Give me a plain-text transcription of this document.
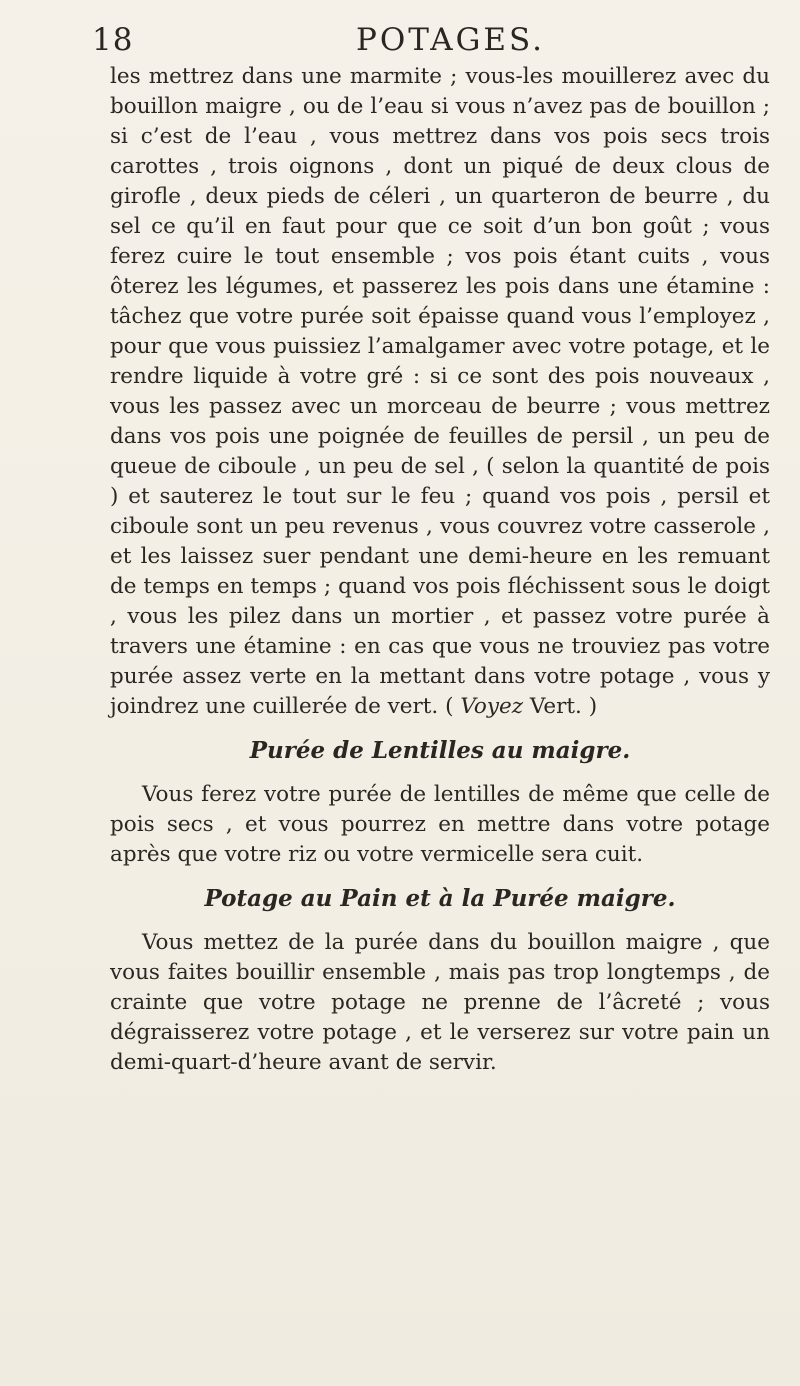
18	POTAGES.

les mettrez dans une marmite ; vous-les mouillerez avec du bouillon maigre , ou de l’eau si vous n’avez pas de bouillon ; si c’est de l’eau , vous mettrez dans vos pois secs trois carottes , trois oignons , dont un piqué de deux clous de girofle , deux pieds de céleri , un quarteron de beurre , du sel ce qu’il en faut pour que ce soit d’un bon goût ; vous ferez cuire le tout ensemble ; vos pois étant cuits , vous ôterez les légumes, et passerez les pois dans une étamine : tâchez que votre purée soit épaisse quand vous l’employez , pour que vous puissiez l’amalgamer avec votre potage, et le rendre liquide à votre gré : si ce sont des pois nouveaux , vous les passez avec un morceau de beurre ; vous mettrez dans vos pois une poignée de feuilles de persil , un peu de queue de ciboule , un peu de sel , ( selon la quantité de pois ) et sauterez le tout sur le feu ; quand vos pois , persil et ciboule sont un peu revenus , vous couvrez votre casserole , et les laissez suer pendant une demi-heure en les remuant de temps en temps ; quand vos pois fléchissent sous le doigt , vous les pilez dans un mortier , et passez votre purée à travers une étamine : en cas que vous ne trouviez pas votre purée assez verte en la mettant dans votre potage , vous y joindrez une cuillerée de vert. ( Voyez Vert. )

Purée de Lentilles au maigre.

Vous ferez votre purée de lentilles de même que celle de pois secs , et vous pourrez en mettre dans votre potage après que votre riz ou votre vermicelle sera cuit.

Potage au Pain et à la Purée maigre.

Vous mettez de la purée dans du bouillon maigre , que vous faites bouillir ensemble , mais pas trop longtemps , de crainte que votre potage ne prenne de l’âcreté ; vous dégraisserez votre potage , et le verserez sur votre pain un demi-quart-d’heure avant de servir.
